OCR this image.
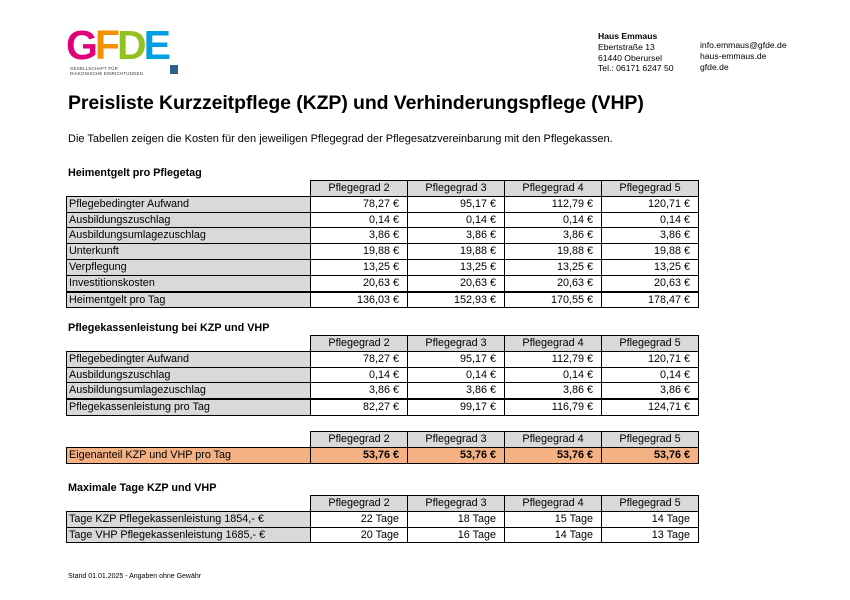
GFDE
GESELLSCHAFT FÜR
DIAKONISCHE EINRICHTUNGEN
Haus Emmaus
Ebertstraße 13
61440 Oberursel
Tel.: 06171 6247 50
info.emmaus@gfde.de
haus-emmaus.de
gfde.de
Preisliste Kurzzeitpflege (KZP) und Verhinderungspflege (VHP)
Die Tabellen zeigen die Kosten für den jeweiligen Pflegegrad der Pflegesatzvereinbarung mit den Pflegekassen.
Heimentgelt pro Pflegetag
	Pflegegrad 2	Pflegegrad 3	Pflegegrad 4	Pflegegrad 5
Pflegebedingter Aufwand	78,27 €	95,17 €	112,79 €	120,71 €
Ausbildungszuschlag	0,14 €	0,14 €	0,14 €	0,14 €
Ausbildungsumlagezuschlag	3,86 €	3,86 €	3,86 €	3,86 €
Unterkunft	19,88 €	19,88 €	19,88 €	19,88 €
Verpflegung	13,25 €	13,25 €	13,25 €	13,25 €
Investitionskosten	20,63 €	20,63 €	20,63 €	20,63 €
Heimentgelt pro Tag	136,03 €	152,93 €	170,55 €	178,47 €
Pflegekassenleistung bei KZP und VHP
	Pflegegrad 2	Pflegegrad 3	Pflegegrad 4	Pflegegrad 5
Pflegebedingter Aufwand	78,27 €	95,17 €	112,79 €	120,71 €
Ausbildungszuschlag	0,14 €	0,14 €	0,14 €	0,14 €
Ausbildungsumlagezuschlag	3,86 €	3,86 €	3,86 €	3,86 €
Pflegekassenleistung pro Tag	82,27 €	99,17 €	116,79 €	124,71 €
	Pflegegrad 2	Pflegegrad 3	Pflegegrad 4	Pflegegrad 5
Eigenanteil KZP und VHP pro Tag	53,76 €	53,76 €	53,76 €	53,76 €
Maximale Tage KZP und VHP
	Pflegegrad 2	Pflegegrad 3	Pflegegrad 4	Pflegegrad 5
Tage KZP Pflegekassenleistung 1854,- €	22 Tage	18 Tage	15 Tage	14 Tage
Tage VHP Pflegekassenleistung 1685,- €	20 Tage	16 Tage	14 Tage	13 Tage
Stand 01.01.2025 - Angaben ohne Gewähr
